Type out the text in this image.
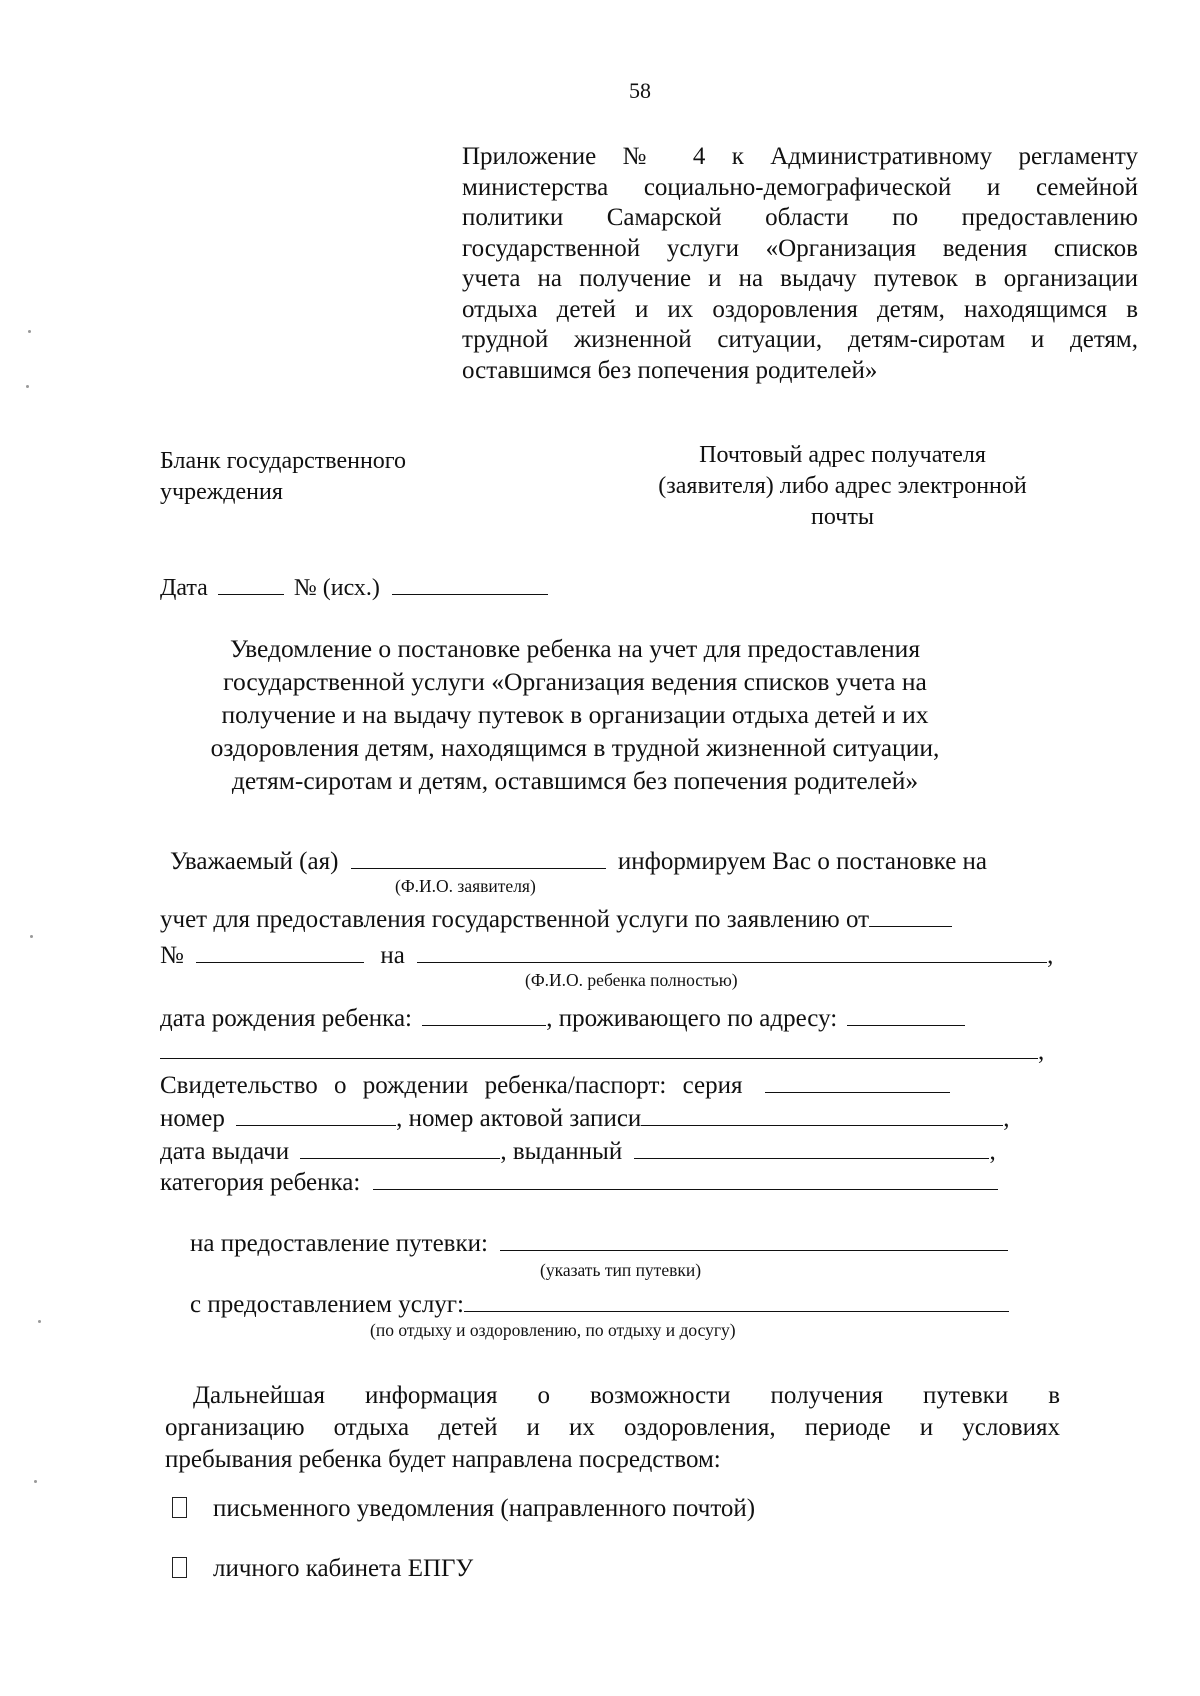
58
Приложение № 4 к Административному регламенту
министерства социально-демографической и семейной
политики Самарской области по предоставлению
государственной услуги «Организация ведения списков
учета на получение и на выдачу путевок в организации
отдыха детей и их оздоровления детям, находящимся в
трудной жизненной ситуации, детям-сиротам и детям,
оставшимся без попечения родителей»
Бланк государственного
учреждения
Почтовый адрес получателя
(заявителя) либо адрес электронной
почты
Дата	№ (исх.)
Уведомление о постановке ребенка на учет для предоставления
государственной услуги «Организация ведения списков учета на
получение и на выдачу путевок в организации отдыха детей и их
оздоровления детям, находящимся в трудной жизненной ситуации,
детям-сиротам и детям, оставшимся без попечения родителей»
Уважаемый (ая)	информируем Вас о постановке на
(Ф.И.О. заявителя)
учет для предоставления государственной услуги по заявлению от
№	на	,
(Ф.И.О. ребенка полностью)
дата рождения ребенка:	, проживающего по адресу:
,
Свидетельство о рождении ребенка/паспорт: серия
номер	, номер актовой записи	,
дата выдачи	, выданный	,
категория ребенка:
на предоставление путевки:
(указать тип путевки)
с предоставлением услуг:
(по отдыху и оздоровлению, по отдыху и досугу)
Дальнейшая информация о возможности получения путевки в
организацию отдыха детей и их оздоровления, периоде и условиях
пребывания ребенка будет направлена посредством:
письменного уведомления (направленного почтой)
личного кабинета ЕПГУ
